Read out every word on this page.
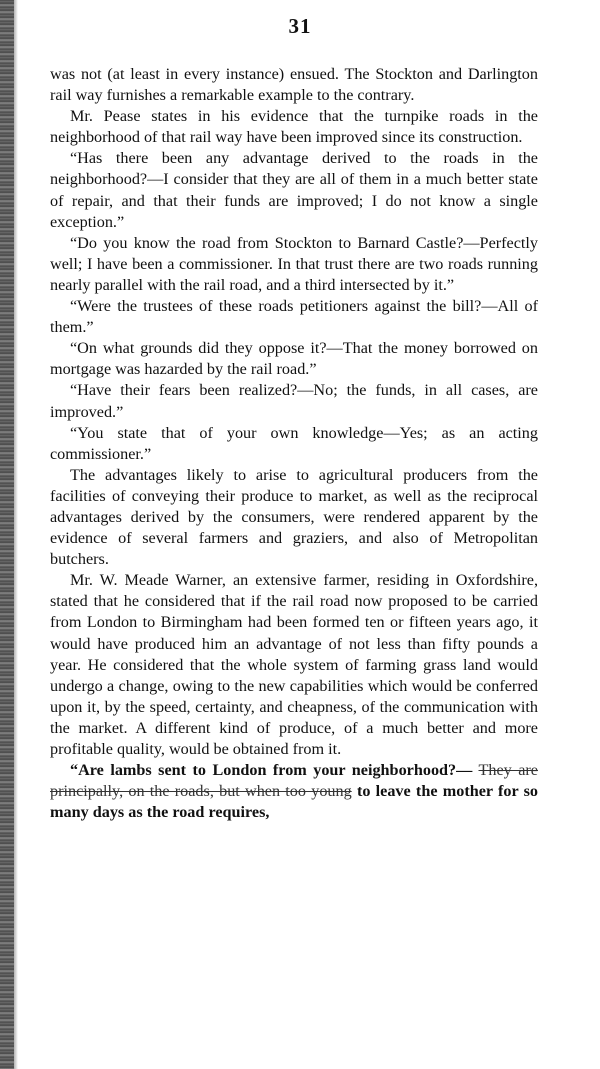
31

was not (at least in every instance) ensued. The Stockton and Darlington rail way furnishes a remarkable example to the contrary.

Mr. Pease states in his evidence that the turnpike roads in the neighborhood of that rail way have been improved since its construction.

“Has there been any advantage derived to the roads in the neighborhood?—I consider that they are all of them in a much better state of repair, and that their funds are improved; I do not know a single exception.”

“Do you know the road from Stockton to Barnard Castle?—Perfectly well; I have been a commissioner. In that trust there are two roads running nearly parallel with the rail road, and a third intersected by it.”

“Were the trustees of these roads petitioners against the bill?—All of them.”

“On what grounds did they oppose it?—That the money borrowed on mortgage was hazarded by the rail road.”

“Have their fears been realized?—No; the funds, in all cases, are improved.”

“You state that of your own knowledge—Yes; as an acting commissioner.”

The advantages likely to arise to agricultural producers from the facilities of conveying their produce to market, as well as the reciprocal advantages derived by the consumers, were rendered apparent by the evidence of several farmers and graziers, and also of Metropolitan butchers.

Mr. W. Meade Warner, an extensive farmer, residing in Oxfordshire, stated that he considered that if the rail road now proposed to be carried from London to Birmingham had been formed ten or fifteen years ago, it would have produced him an advantage of not less than fifty pounds a year. He considered that the whole system of farming grass land would undergo a change, owing to the new capabilities which would be conferred upon it, by the speed, certainty, and cheapness, of the communication with the market. A different kind of produce, of a much better and more profitable quality, would be obtained from it.

“Are lambs sent to London from your neighborhood?— They are principally, on the roads, but when too young to leave the mother for so many days as the road requires,
